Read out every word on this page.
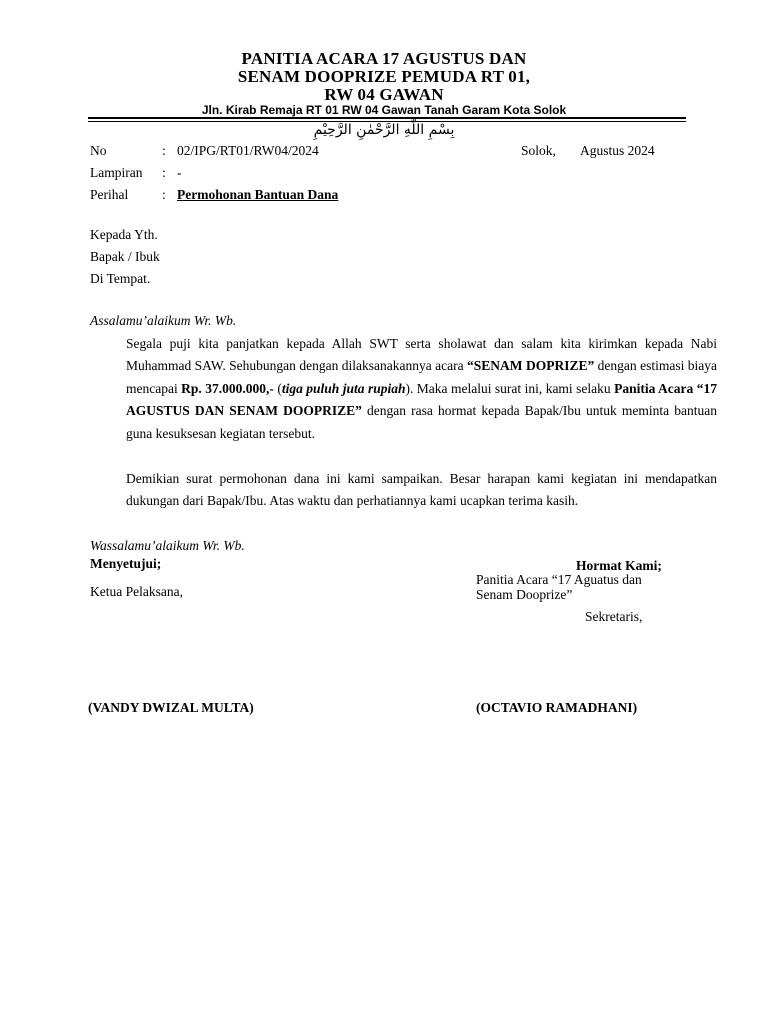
PANITIA ACARA 17 AGUSTUS DAN
SENAM DOOPRIZE PEMUDA RT 01,
RW 04 GAWAN
Jln. Kirab Remaja RT 01 RW 04 Gawan Tanah Garam Kota Solok
بِسْمِ اللّٰهِ الرَّحْمٰنِ الرَّحِيْمِ
No	: 02/IPG/RT01/RW04/2024
Lampiran : -
Perihal	: Permohonan Bantuan Dana
Solok, Agustus 2024
Kepada Yth.
Bapak / Ibuk
Di Tempat.
Assalamu’alaikum Wr. Wb.
Segala puji kita panjatkan kepada Allah SWT serta sholawat dan salam kita kirimkan kepada Nabi Muhammad SAW. Sehubungan dengan dilaksanakannya acara “SENAM DOPRIZE” dengan estimasi biaya mencapai Rp. 37.000.000,- (tiga puluh juta rupiah). Maka melalui surat ini, kami selaku Panitia Acara “17 AGUSTUS DAN SENAM DOOPRIZE” dengan rasa hormat kepada Bapak/Ibu untuk meminta bantuan guna kesuksesan kegiatan tersebut.
Demikian surat permohonan dana ini kami sampaikan. Besar harapan kami kegiatan ini mendapatkan dukungan dari Bapak/Ibu. Atas waktu dan perhatiannya kami ucapkan terima kasih.
Wassalamu’alaikum Wr. Wb.
Menyetujui;
Ketua Pelaksana,
Hormat Kami;
Panitia Acara “17 Aguatus dan
Senam Dooprize”
Sekretaris,
(VANDY DWIZAL MULTA)	(OCTAVIO RAMADHANI)
